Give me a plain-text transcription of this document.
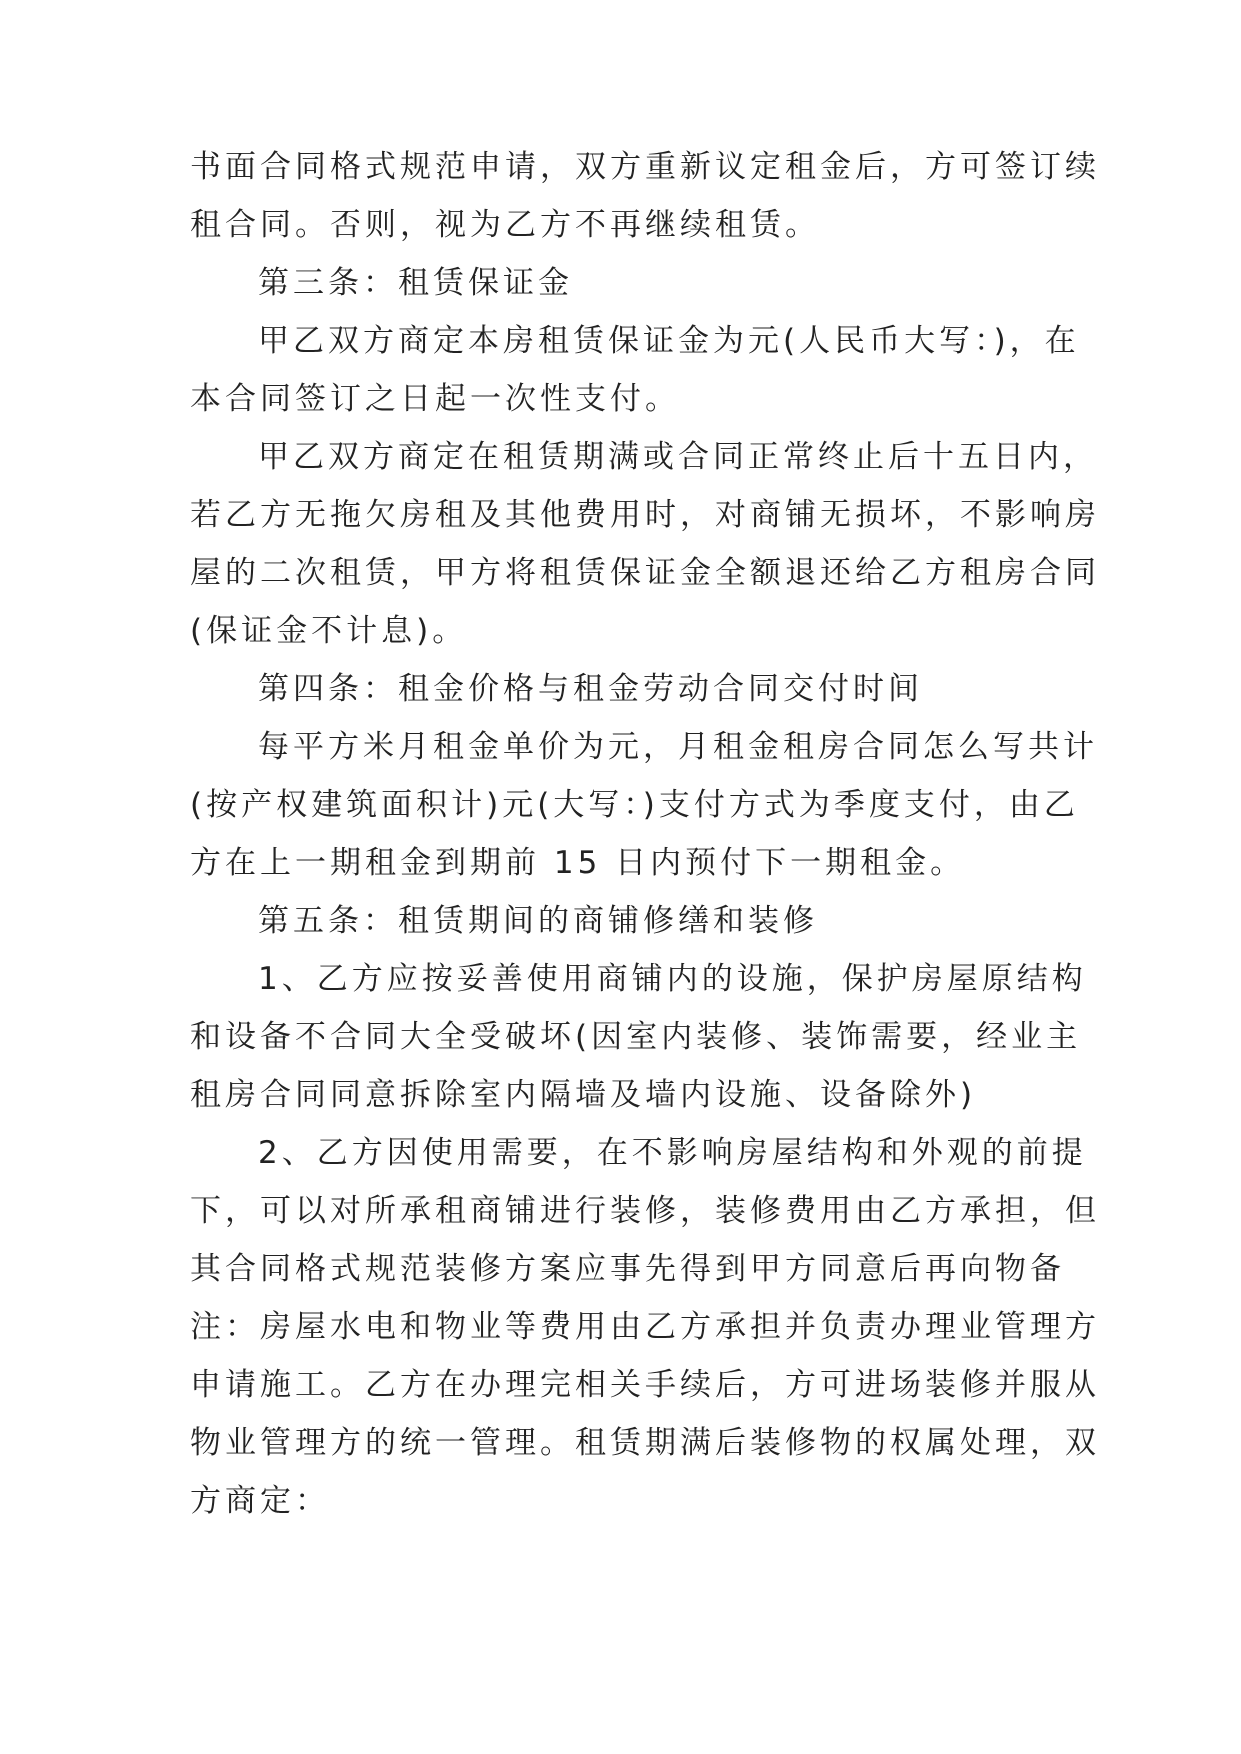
书面合同格式规范申请，双方重新议定租金后，方可签订续
租合同。否则，视为乙方不再继续租赁。
第三条：租赁保证金
甲乙双方商定本房租赁保证金为元(人民币大写：)，在
本合同签订之日起一次性支付。
甲乙双方商定在租赁期满或合同正常终止后十五日内，
若乙方无拖欠房租及其他费用时，对商铺无损坏，不影响房
屋的二次租赁，甲方将租赁保证金全额退还给乙方租房合同
(保证金不计息)。
第四条：租金价格与租金劳动合同交付时间
每平方米月租金单价为元，月租金租房合同怎么写共计
(按产权建筑面积计)元(大写：)支付方式为季度支付，由乙
方在上一期租金到期前 15 日内预付下一期租金。
第五条：租赁期间的商铺修缮和装修
1、乙方应按妥善使用商铺内的设施，保护房屋原结构
和设备不合同大全受破坏(因室内装修、装饰需要，经业主
租房合同同意拆除室内隔墙及墙内设施、设备除外)
2、乙方因使用需要，在不影响房屋结构和外观的前提
下，可以对所承租商铺进行装修，装修费用由乙方承担，但
其合同格式规范装修方案应事先得到甲方同意后再向物备
注：房屋水电和物业等费用由乙方承担并负责办理业管理方
申请施工。乙方在办理完相关手续后，方可进场装修并服从
物业管理方的统一管理。租赁期满后装修物的权属处理，双
方商定：
